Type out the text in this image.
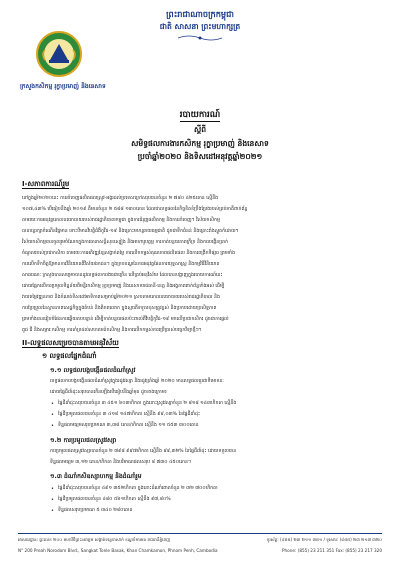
ព្រះរាជាណាចក្រកម្ពុជា
ជាតិ សាសនា ព្រះមហាក្សត្រ
ក្រសួងកសិកម្ម រុក្ខាប្រមាញ់ និងនេសាទ
របាយការណ៍
ស្តីពី
សមិទ្ធផលការងារកសិកម្ម រុក្ខាប្រមាញ់ និងនេសាទ
ប្រចាំឆ្នាំ២០២០ និងទិសដៅអនុវត្តឆ្នាំ២០២១
I-សភាពការណ៍រួម
នៅក្នុងឆ្នាំ២០២០នេះ ការនាំចេញផលិតផលស្រូវ-អង្ករដល់ប្រទេសក្រៅសរុបបានចំនួន ២ ៧៨០ ៤២៥តោន ស្មើនឹង
១០៧,៤៣% បើធៀបនឹងឆ្នាំ ២០១៩ គឺមានចំនួន ២ ៥៨៨ ១៣០តោន ដែលជាលទ្ធផលនៃកិច្ចខិតខំប្រឹងប្រែងរបស់គ្រប់ភាគីពាក់ព័ន្ធ
តាមរយៈការអនុវត្តគោលនយោបាយរបស់រាជរដ្ឋាភិបាលកម្ពុជា ក្នុងការជំរុញផលិតកម្ម និងការនាំចេញ។ វិស័យកសិកម្ម
បានបន្តរក្សាកំណើនវិជ្ជមាន ទោះបីមានវិបត្តិជំងឺកូវីដ-១៩ និងគ្រោះមហន្តរាយធម្មជាតិ ដូចជាទឹកជំនន់ និងគ្រោះរាំងស្ងួតក៏ដោយ។
វិស័យកសិកម្មបានចូលរួមចំណែកក្នុងការធានាសន្តិសុខស្បៀង និងអាហារូបត្ថម្ភ ការកាត់បន្ថយភាពក្រីក្រ និងការបង្កើនប្រាក់
ចំណូលរបស់ប្រជាកសិករ តាមរយៈការអភិវឌ្ឍខ្សែសង្វាក់តម្លៃ ការលើកកម្ពស់គុណភាពផលិតផល និងការពង្រីកទីផ្សារ ព្រមទាំង
ការលើកទឹកចិត្តឱ្យមានការវិនិយោគពីវិស័យឯកជន។ ក្នុងក្របខណ្ឌនៃការអនុវត្តផែនការយុទ្ធសាស្ត្រ និងកម្មវិធីវិនិយោគ
សាធារណៈ ក្រសួងបានសម្រេចបាននូវលទ្ធផលការងារជាច្រើន លើគ្រប់អនុវិស័យ ដែលបានបង្ហាញក្នុងរបាយការណ៍នេះ
ដោយផ្អែកលើការប្រមូលទិន្នន័យពីមន្ទីរកសិកម្ម រុក្ខាប្រមាញ់ និងនេសាទរាជធានី-ខេត្ត និងអង្គភាពពាក់ព័ន្ធទាំងអស់ ដើម្បី
វាយតម្លៃវឌ្ឍនភាព និងកំណត់ទិសដៅអាទិភាពសម្រាប់ឆ្នាំ២០២១ ស្របតាមគោលនយោបាយរបស់រាជរដ្ឋាភិបាល និង
ការប្រែប្រួលនៃស្ថានភាពសេដ្ឋកិច្ចក្នុងតំបន់ និងពិភពលោក ក្នុងស្មារតីទទួលខុសត្រូវខ្ពស់ និងប្រកបដោយប្រសិទ្ធភាព
ព្រមទាំងបានរៀបចំផែនការឆ្លើយតបបន្ទាន់ ដើម្បីកាត់បន្ថយផលប៉ះពាល់ពីវិបត្តិកូវីដ-១៩ មកលើប្រជាកសិករ ដូចជាការផ្តល់
ពូជ ជី និងសម្ភារៈកសិកម្ម ការគាំទ្រដល់សហគមន៍កសិកម្ម និងការលើកកម្ពស់ការប្រើប្រាស់បច្ចេកវិទ្យាថ្មីៗ។
II-លទ្ធផលសម្រេចបានតាមអនុវិស័យ
១ លទ្ធផលផ្នែកដំណាំ
១.១ លទ្ធផលបង្កបង្កើនផលដំណាំស្រូវ
លទ្ធផលការបង្កបង្កើនផលដំណាំស្រូវក្នុងរដូវវស្សា និងរដូវប្រាំងឆ្នាំ ២០២០ មានលទ្ធផលគួរជាទីមោទនៈ
ដោយផ្ទៃដីដាំដុះសរុបបានកើនឡើងបើធៀបនឹងឆ្នាំមុន ដូចខាងក្រោម៖
• ផ្ទៃដីដាំដុះសរុបបានចំនួន ៣ ៤៥១ ៦០៣ហិកតា ក្នុងនោះស្រូវវស្សាចំនួន ២ ៨១៨ ១៤៣ហិកតា ស្មើនឹង
• ផ្ទៃដីប្រមូលផលបានចំនួន ៣ ៤១៨ ១៤៧ហិកតា ស្មើនឹង ៩៩,០៣% នៃផ្ទៃដីដាំដុះ
• ទិន្នផលមធ្យមសរុបប្រមាណ ៣,៣៨ តោន/ហិកតា ស្មើនឹង ១១ ៥៥៣ ៣០០តោន
១.២ ការប្រមូលផលស្រូវវស្សា
ការប្រមូលផលស្រូវវស្សាបានចំនួន ២ ៧៩៨ ៩៩៧ហិកតា ស្មើនឹង ៩៩,៣២% នៃផ្ទៃដីដាំដុះ ដោយទទួលបាន
ទិន្នផលមធ្យម ៣,១២ តោន/ហិកតា និងបរិមាណផលសរុប ៨ ៧៣០ ៤៥០តោន។
១.៣ ដំណាំកសិឧស្សាហកម្ម និងដំណាំរួម
• ផ្ទៃដីដាំដុះសរុបបានចំនួន ៤៩១ ៣៥២ហិកតា ក្នុងនោះដំណាំពោតចំនួន ២ ៣២ ៧០០ហិកតា
• ផ្ទៃដីប្រមូលផលបានចំនួន ៤៨០ ៥៦១ហិកតា ស្មើនឹង ៩៧,៨០%
• ទិន្នផលសរុបប្រមាណ ៥ ៣៤០ ២៨០តោន
អាសយដ្ឋាន: ផ្ទះលេខ ២០០ មហាវិថីព្រះនរោត្តម សង្កាត់ទន្លេបាសាក់ ខណ្ឌចំការមន រាជធានីភ្នំពេញ
N° 200 Preah Norodom Blvd., Sangkat Tonle Basak, Khan Chamkamon, Phnom Penh, Cambodia
ទូរស័ព្ទ: (៨៥៥) ២៣ ២១១ ៣៥១ / ទូរសារ: (៨៥៥) ២៣ ២១៧ ៣២០
Phone: (855) 23 211 351 Fax: (855) 23 217 320
